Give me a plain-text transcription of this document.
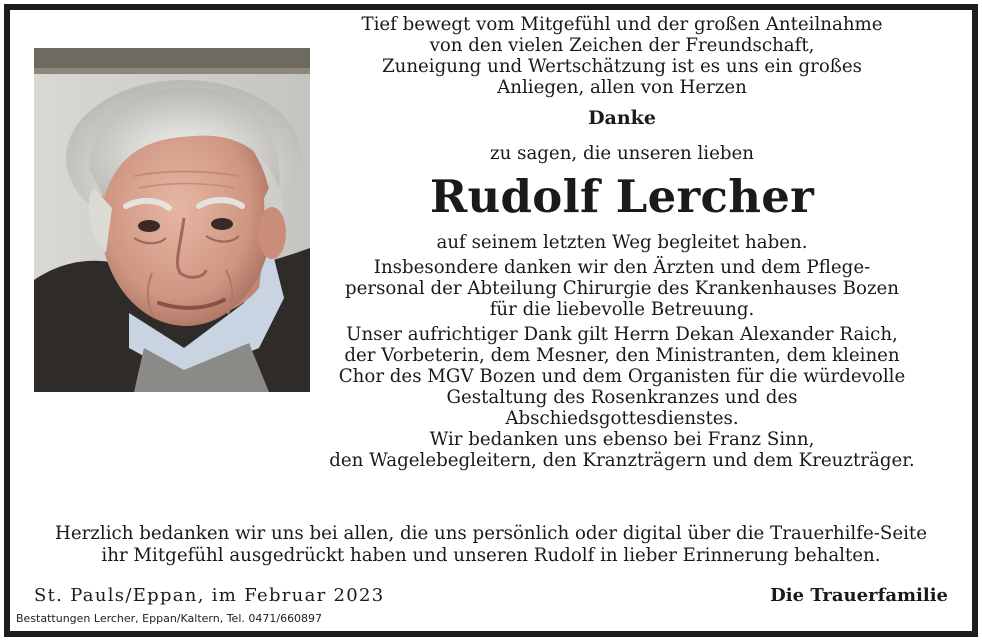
Tief bewegt vom Mitgefühl und der großen Anteilnahme

von den vielen Zeichen der Freundschaft,

Zuneigung und Wertschätzung ist es uns ein großes

Anliegen, allen von Herzen

Danke

zu sagen, die unseren lieben

Rudolf Lercher

auf seinem letzten Weg begleitet haben.

Insbesondere danken wir den Ärzten und dem Pflege-

personal der Abteilung Chirurgie des Krankenhauses Bozen

für die liebevolle Betreuung.

Unser aufrichtiger Dank gilt Herrn Dekan Alexander Raich,

der Vorbeterin, dem Mesner, den Ministranten, dem kleinen

Chor des MGV Bozen und dem Organisten für die würdevolle

Gestaltung des Rosenkranzes und des

Abschiedsgottesdienstes.

Wir bedanken uns ebenso bei Franz Sinn,

den Wagelebegleitern, den Kranzträgern und dem Kreuzträger.

Herzlich bedanken wir uns bei allen, die uns persönlich oder digital über die Trauerhilfe-Seite

ihr Mitgefühl ausgedrückt haben und unseren Rudolf in lieber Erinnerung behalten.

St. Pauls/Eppan, im Februar 2023	Die Trauerfamilie
Bestattungen Lercher, Eppan/Kaltern, Tel. 0471/660897
